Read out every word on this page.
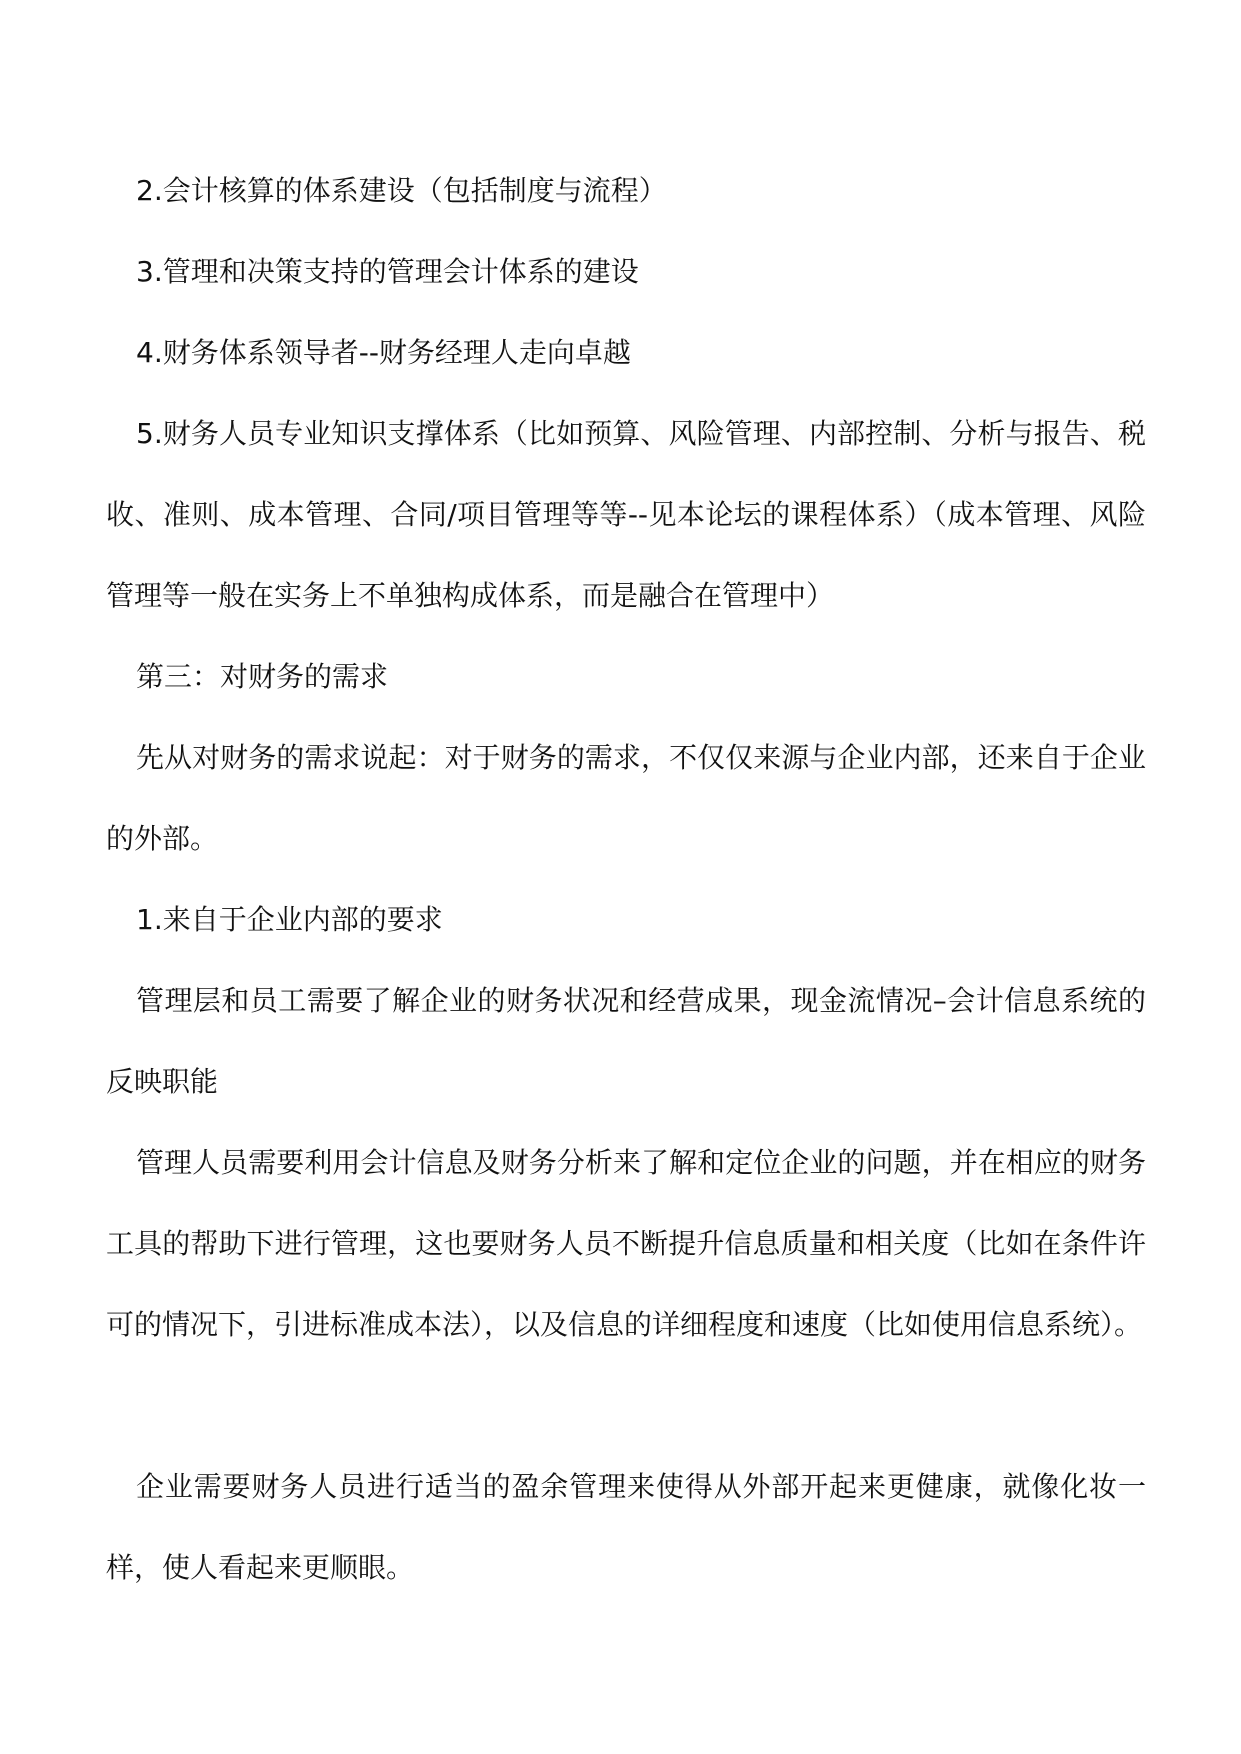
2.会计核算的体系建设（包括制度与流程）

3.管理和决策支持的管理会计体系的建设

4.财务体系领导者--财务经理人走向卓越

5.财务人员专业知识支撑体系（比如预算、风险管理、内部控制、分析与报告、税收、准则、成本管理、合同/项目管理等等--见本论坛的课程体系）（成本管理、风险管理等一般在实务上不单独构成体系，而是融合在管理中）

第三：对财务的需求

先从对财务的需求说起：对于财务的需求，不仅仅来源与企业内部，还来自于企业的外部。

1.来自于企业内部的要求

管理层和员工需要了解企业的财务状况和经营成果，现金流情况–会计信息系统的反映职能

管理人员需要利用会计信息及财务分析来了解和定位企业的问题，并在相应的财务工具的帮助下进行管理，这也要财务人员不断提升信息质量和相关度（比如在条件许可的情况下，引进标准成本法），以及信息的详细程度和速度（比如使用信息系统）。

企业需要财务人员进行适当的盈余管理来使得从外部开起来更健康，就像化妆一样，使人看起来更顺眼。
